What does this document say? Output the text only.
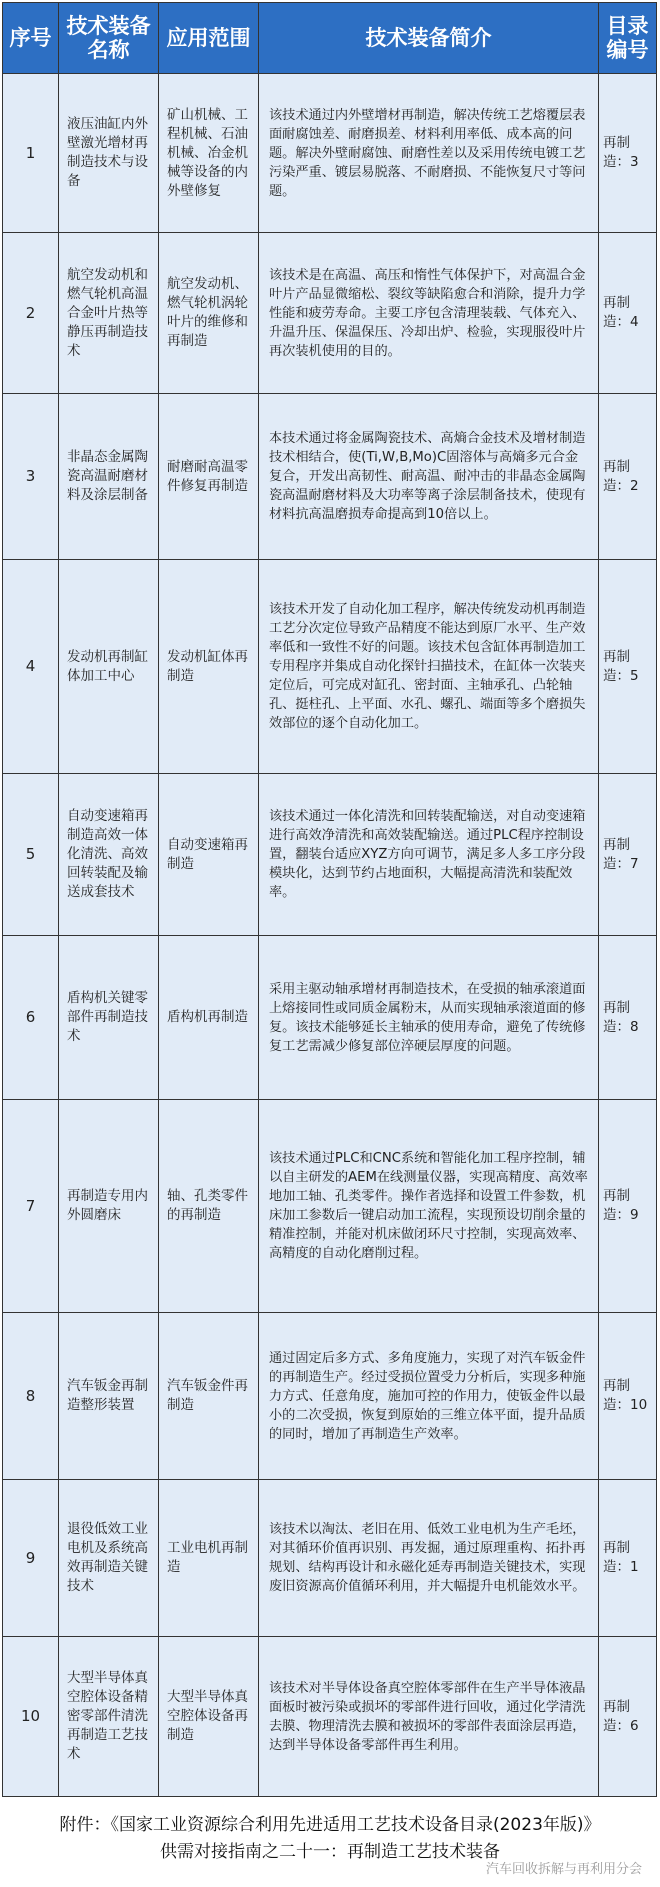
序号	技术装备名称	应用范围	技术装备简介	目录编号
1	液压油缸内外壁激光增材再制造技术与设备	矿山机械、工程机械、石油机械、冶金机械等设备的内外壁修复	该技术通过内外壁增材再制造，解决传统工艺熔覆层表面耐腐蚀差、耐磨损差、材料利用率低、成本高的问题。解决外壁耐腐蚀、耐磨性差以及采用传统电镀工艺污染严重、镀层易脱落、不耐磨损、不能恢复尺寸等问题。	再制造：3
2	航空发动机和燃气轮机高温合金叶片热等静压再制造技术	航空发动机、燃气轮机涡轮叶片的维修和再制造	该技术是在高温、高压和惰性气体保护下，对高温合金叶片产品显微缩松、裂纹等缺陷愈合和消除，提升力学性能和疲劳寿命。主要工序包含清理装载、气体充入、升温升压、保温保压、冷却出炉、检验，实现服役叶片再次装机使用的目的。	再制造：4
3	非晶态金属陶瓷高温耐磨材料及涂层制备	耐磨耐高温零件修复再制造	本技术通过将金属陶瓷技术、高熵合金技术及增材制造技术相结合，使(Ti,W,B,Mo)C固溶体与高熵多元合金复合，开发出高韧性、耐高温、耐冲击的非晶态金属陶瓷高温耐磨材料及大功率等离子涂层制备技术，使现有材料抗高温磨损寿命提高到10倍以上。	再制造：2
4	发动机再制缸体加工中心	发动机缸体再制造	该技术开发了自动化加工程序，解决传统发动机再制造工艺分次定位导致产品精度不能达到原厂水平、生产效率低和一致性不好的问题。该技术包含缸体再制造加工专用程序并集成自动化探针扫描技术，在缸体一次装夹定位后，可完成对缸孔、密封面、主轴承孔、凸轮轴孔、挺柱孔、上平面、水孔、螺孔、端面等多个磨损失效部位的逐个自动化加工。	再制造：5
5	自动变速箱再制造高效一体化清洗、高效回转装配及输送成套技术	自动变速箱再制造	该技术通过一体化清洗和回转装配输送，对自动变速箱进行高效净清洗和高效装配输送。通过PLC程序控制设置，翻装台适应XYZ方向可调节，满足多人多工序分段模块化，达到节约占地面积，大幅提高清洗和装配效率。	再制造：7
6	盾构机关键零部件再制造技术	盾构机再制造	采用主驱动轴承增材再制造技术，在受损的轴承滚道面上熔接同性或同质金属粉末，从而实现轴承滚道面的修复。该技术能够延长主轴承的使用寿命，避免了传统修复工艺需减少修复部位淬硬层厚度的问题。	再制造：8
7	再制造专用内外圆磨床	轴、孔类零件的再制造	该技术通过PLC和CNC系统和智能化加工程序控制，辅以自主研发的AEM在线测量仪器，实现高精度、高效率地加工轴、孔类零件。操作者选择和设置工件参数，机床加工参数后一键启动加工流程，实现预设切削余量的精准控制，并能对机床做闭环尺寸控制，实现高效率、高精度的自动化磨削过程。	再制造：9
8	汽车钣金再制造整形装置	汽车钣金件再制造	通过固定后多方式、多角度施力，实现了对汽车钣金件的再制造生产。经过受损位置受力分析后，实现多种施力方式、任意角度，施加可控的作用力，使钣金件以最小的二次受损，恢复到原始的三维立体平面，提升品质的同时，增加了再制造生产效率。	再制造：10
9	退役低效工业电机及系统高效再制造关键技术	工业电机再制造	该技术以淘汰、老旧在用、低效工业电机为生产毛坯，对其循环价值再识别、再发掘，通过原理重构、拓扑再规划、结构再设计和永磁化延寿再制造关键技术，实现废旧资源高价值循环利用，并大幅提升电机能效水平。	再制造：1
10	大型半导体真空腔体设备精密零部件清洗再制造工艺技术	大型半导体真空腔体设备再制造	该技术对半导体设备真空腔体零部件在生产半导体液晶面板时被污染或损坏的零部件进行回收，通过化学清洗去膜、物理清洗去膜和被损坏的零部件表面涂层再造，达到半导体设备零部件再生利用。	再制造：6
附件：《国家工业资源综合利用先进适用工艺技术设备目录(2023年版)》
供需对接指南之二十一：再制造工艺技术装备
汽车回收拆解与再利用分会
